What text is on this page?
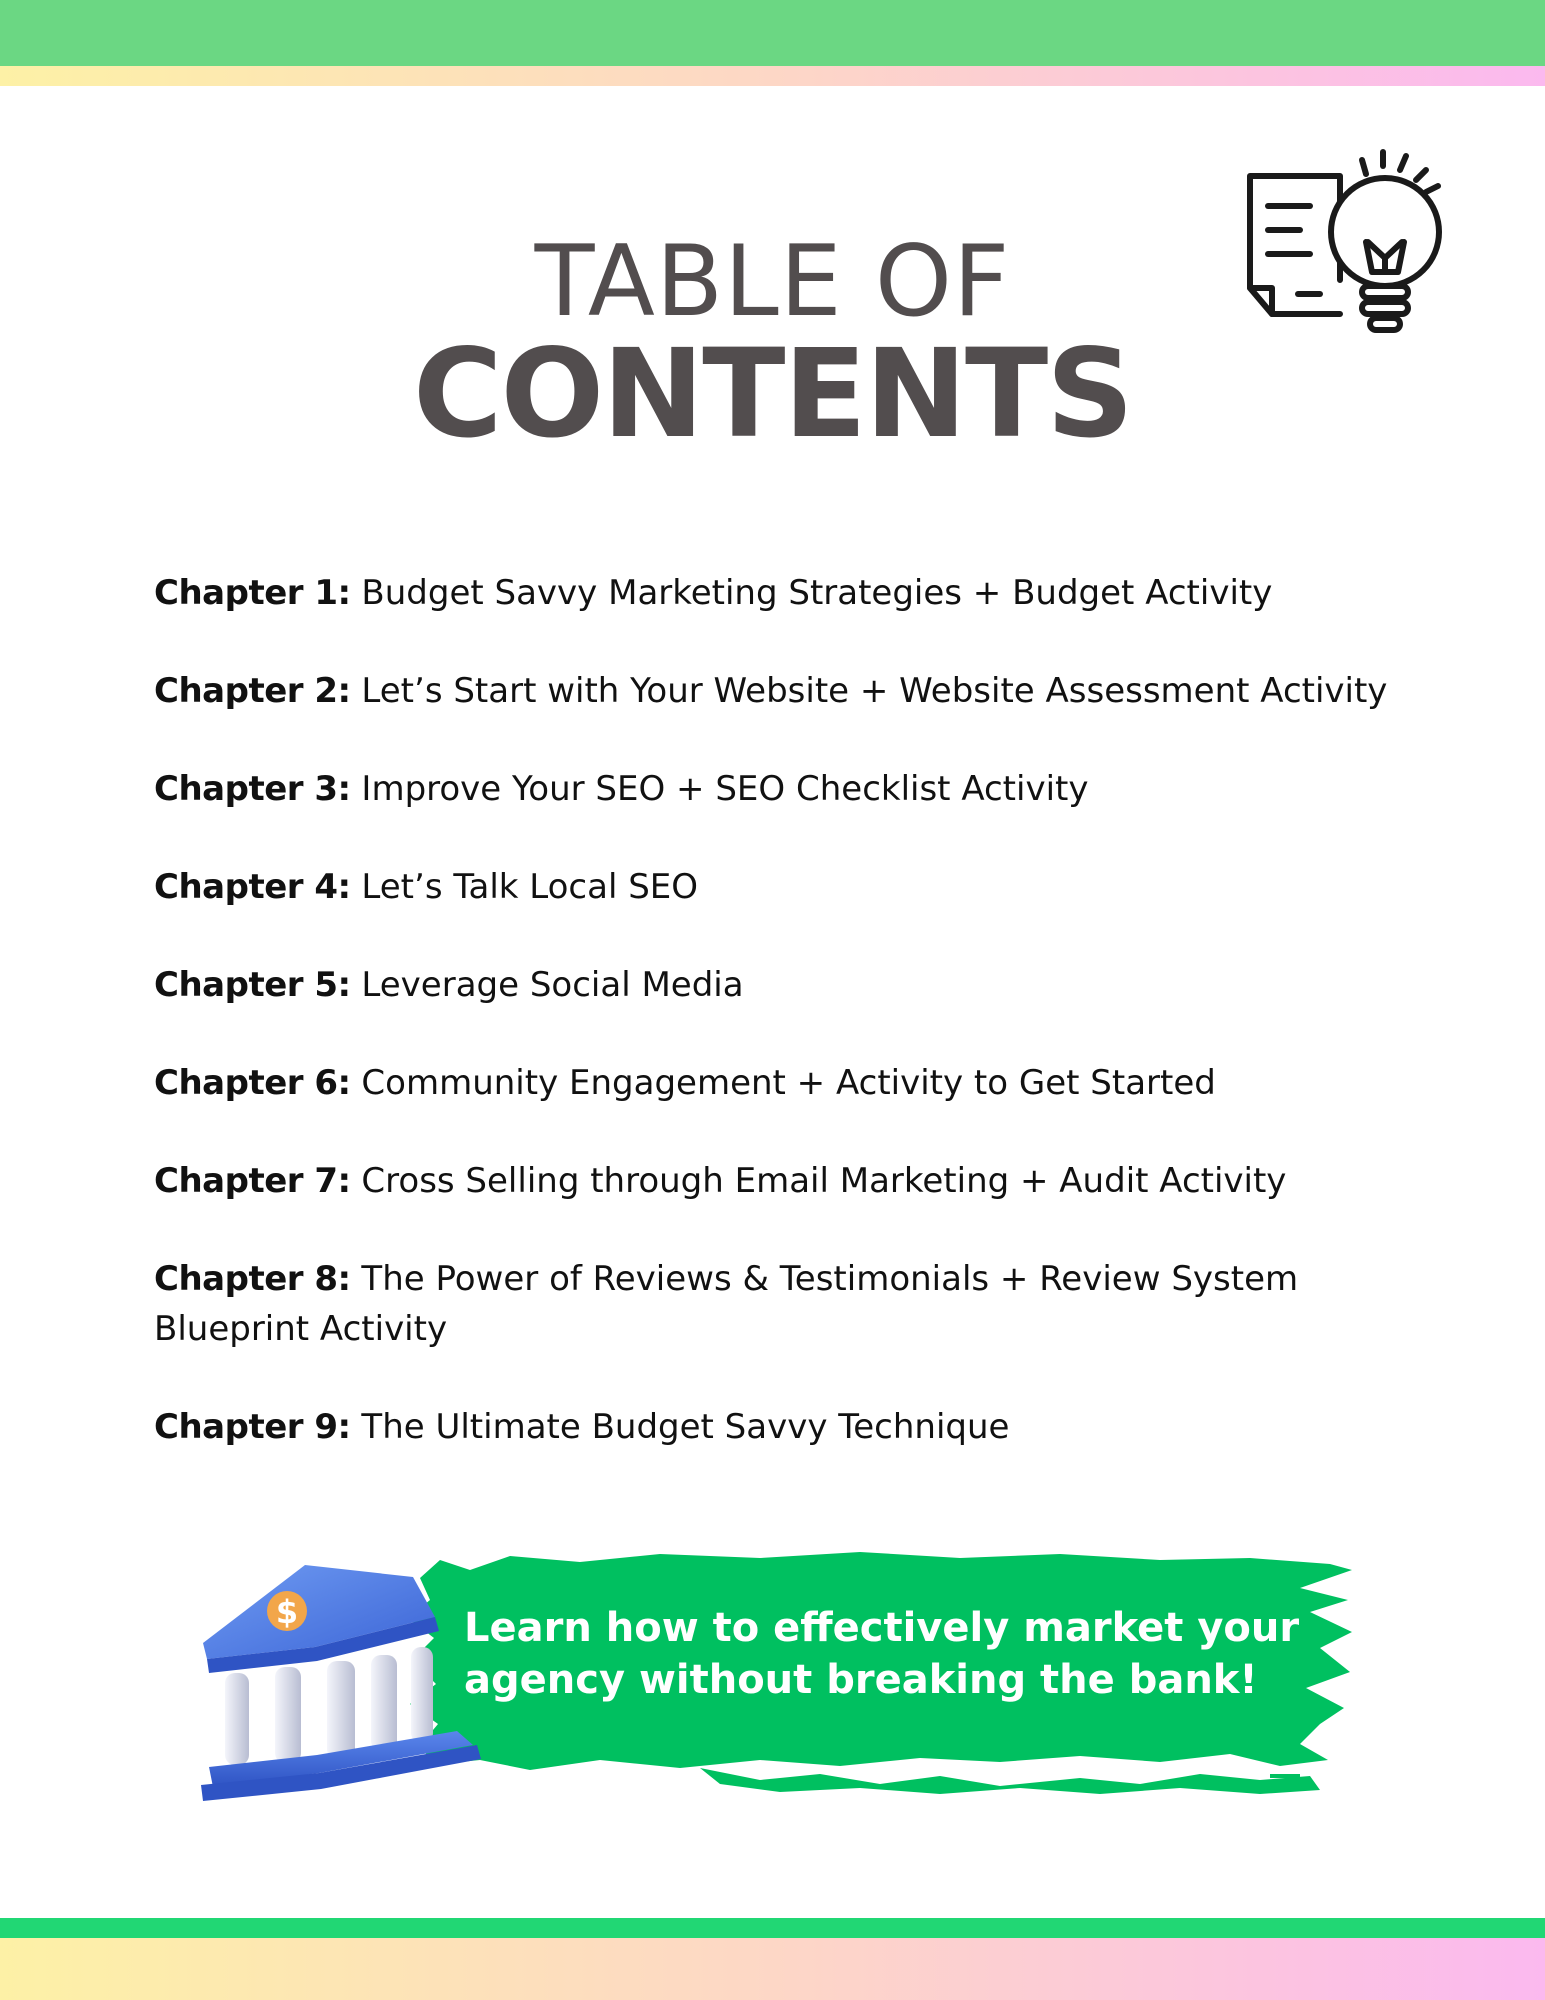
TABLE OF
CONTENTS
Chapter 1: Budget Savvy Marketing Strategies + Budget Activity
Chapter 2: Let’s Start with Your Website + Website Assessment Activity
Chapter 3: Improve Your SEO + SEO Checklist Activity
Chapter 4: Let’s Talk Local SEO
Chapter 5: Leverage Social Media
Chapter 6: Community Engagement + Activity to Get Started
Chapter 7: Cross Selling through Email Marketing + Audit Activity
Chapter 8: The Power of Reviews & Testimonials + Review System Blueprint Activity
Chapter 9: The Ultimate Budget Savvy Technique
Learn how to effectively market your agency without breaking the bank!
$
